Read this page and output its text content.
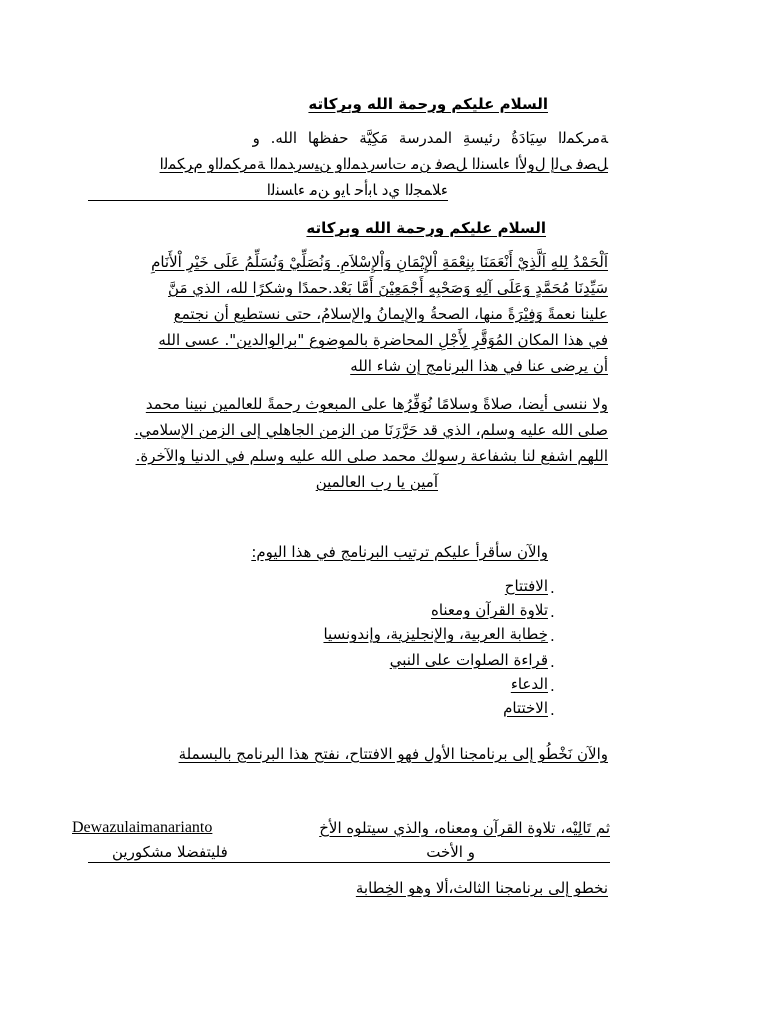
السلام عليكم ورحمة الله وبركاته
ﺔﻣﺮﻜﻤﻟﺍ سِيَادَةُ رئيسةِ المدرسة مَكِيَّة حفظها الله. و
ﻞﺼﻓ ﻰﻟﺇ ﻝﻭﻷﺍ ﺀﺎﺴﻨﻟﺍ ﻞﺼﻓ ﻦﻣ ﺕﺎﺳﺭﺪﻤﻟﺍﻭ ﻦﻴﺳﺭﺪﻤﻟﺍ ﺔﻣﺮﻜﻤﻟﺍﻭ ﻡﺮﻜﻤﻟﺍ
ﺀﻼﻤﺠﻟﺍ ﻱﺩ ﺎﺑﺃﺣ ﺎﻳﻭ ﻦﻣ ﺀﺎﺴﻨﻟﺍ
السلام عليكم ورحمة الله وبركاته
اَلْحَمْدُ لِلهِ اَلَّذِيْ أَنْعَمَنَا بِنِعْمَةِ اْلإِيْمَانِ وَاْلإِسْلاَمِ. وَنُصَلِّيْ وَنُسَلِّمُ عَلَى خَيْرِ اْلأَنَامِ
سَيِّدِنَا مُحَمَّدٍ وَعَلَى آلِهِ وَصَحْبِهِ أَجْمَعِيْنَ أَمَّا بَعْد.حمدًا وشكرًا لله، الذي مَنَّ
علينا نعمةً وَفِيْرَةً منها، الصحةُ والإيمانُ والإسلامُ، حتى نستطيع أن نجتمع
في هذا المكان المُوَقَّرِ لِأَجْلِ المحاضرة بالموضوع "برالوالدين". عسى الله
أن يرضى عنا في هذا البرنامج إن شاء الله
ولا ننسى أيضا، صلاةً وسلامًا نُوَفِّرُها على المبعوث رحمةً للعالمين نبينا محمد
صلى الله عليه وسلم، الذي قد حَرَّرَنَا من الزمن الجاهلي إلى الزمن الإسلامي.
اللهم اشفع لنا بشفاعة رسولك محمد صلى الله عليه وسلم في الدنيا والآخرة.
آمين يا رب العالمين
والآن سأقرأ عليكم ترتيب البرنامج في هذا اليوم:
الافتتاح .
تلاوة القرآن ومعناه .
خِطابة العربية، والإنجليزية، وإندونسيا .
قراءة الصلوات على النبي .
الدعاء .
الاختتام .
والآن نَخْطُو إلى برنامجنا الأول فهو الافتتاح، نفتح هذا البرنامج بالبسملة
ثم تَالِيْه، تلاوة القرآن ومعناه، والذي سيتلوه الأخ
Dewazulaimanarianto
و الأخت
فليتفضلا مشكورين
نخطو إلى برنامجنا الثالث،ألا وهو الخِطابة
